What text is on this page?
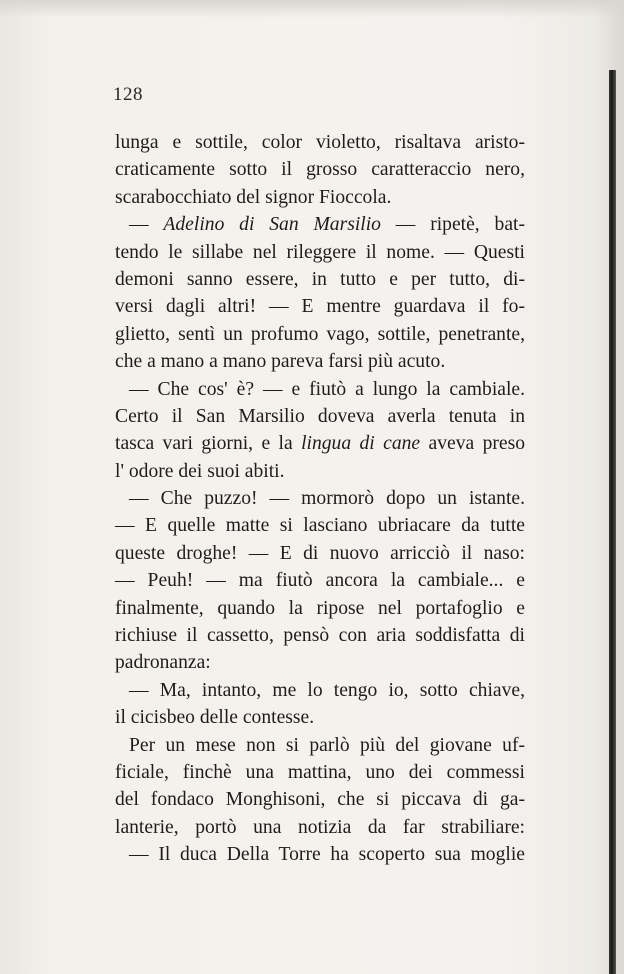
128
lunga e sottile, color violetto, risaltava aristo-
craticamente sotto il grosso caratteraccio nero,
scarabocchiato del signor Fioccola.
— Adelino di San Marsilio — ripetè, bat-
tendo le sillabe nel rileggere il nome. — Questi
demoni sanno essere, in tutto e per tutto, di-
versi dagli altri! — E mentre guardava il fo-
glietto, sentì un profumo vago, sottile, penetrante,
che a mano a mano pareva farsi più acuto.
— Che cos' è? — e fiutò a lungo la cambiale.
Certo il San Marsilio doveva averla tenuta in
tasca vari giorni, e la lingua di cane aveva preso
l' odore dei suoi abiti.
— Che puzzo! — mormorò dopo un istante.
— E quelle matte si lasciano ubriacare da tutte
queste droghe! — E di nuovo arricciò il naso:
— Peuh! — ma fiutò ancora la cambiale... e
finalmente, quando la ripose nel portafoglio e
richiuse il cassetto, pensò con aria soddisfatta di
padronanza:
— Ma, intanto, me lo tengo io, sotto chiave,
il cicisbeo delle contesse.
Per un mese non si parlò più del giovane uf-
ficiale, finchè una mattina, uno dei commessi
del fondaco Monghisoni, che si piccava di ga-
lanterie, portò una notizia da far strabiliare:
— Il duca Della Torre ha scoperto sua moglie
